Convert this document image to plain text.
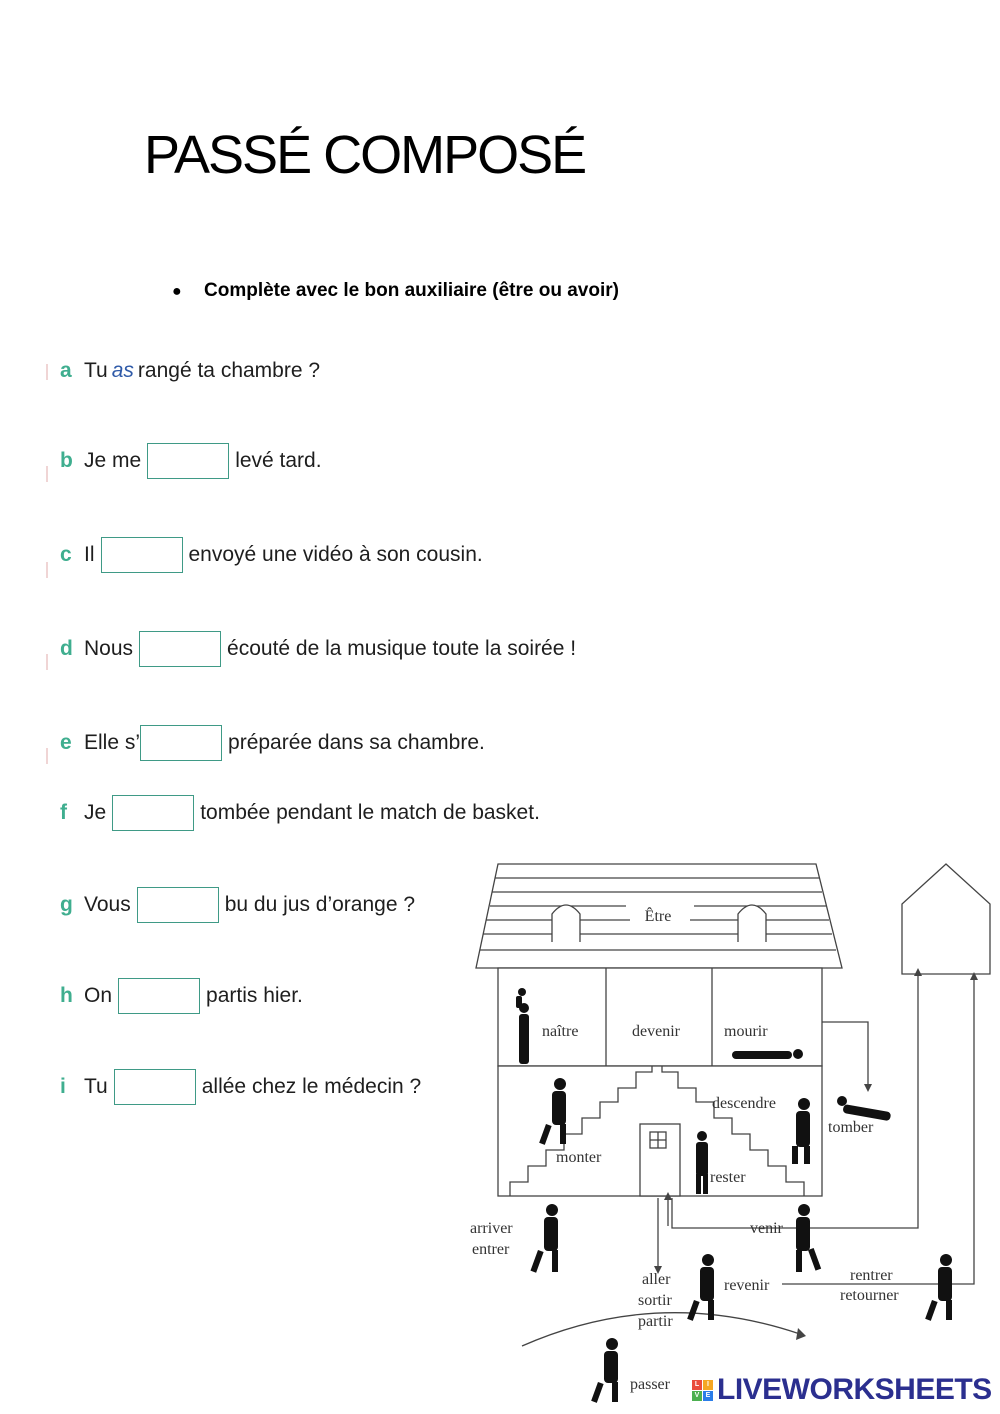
PASSÉ COMPOSÉ
● Complète avec le bon auxiliaire (être ou avoir)
a Tu as rangé ta chambre ?
b Je me	levé tard.
c Il	envoyé une vidéo à son cousin.
d Nous	écouté de la musique toute la soirée !
e Elle s’	préparée dans sa chambre.
f Je	tombée pendant le match de basket.
g Vous	bu du jus d’orange ?
h On	partis hier.
i Tu	allée chez le médecin ?
Être
naître	devenir	mourir
descendre
monter
rester
tomber
arriver
entrer
venir
aller
sortir
partir
revenir
rentrer
retourner
passer	L	I
V E LIVEWORKSHEETS
